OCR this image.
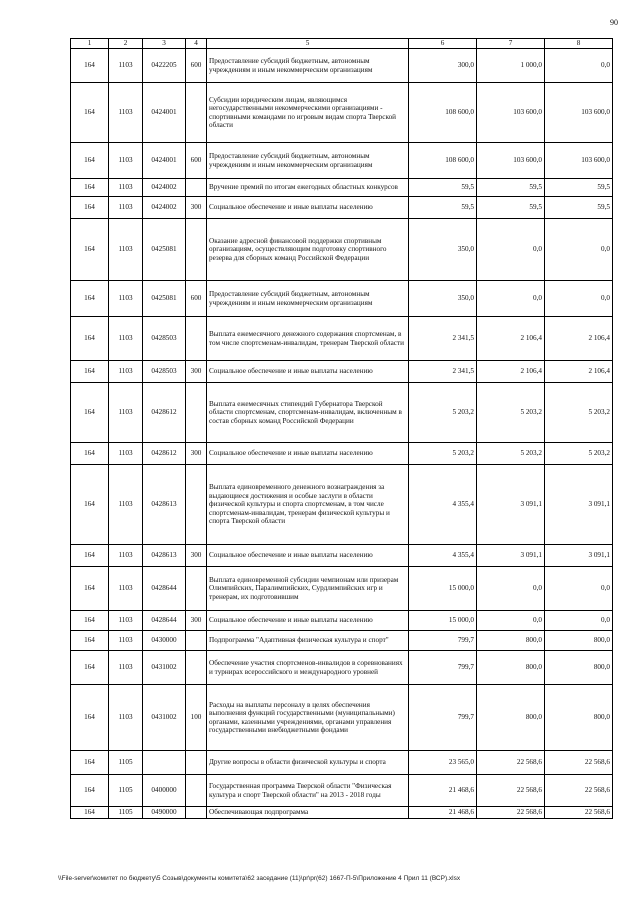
90
1	2	3	4	5	6	7	8
164	1103	0422205	600	Предоставление субсидий бюджетным, автономным учреждениям и иным некоммерческим организациям	300,0	1 000,0	0,0
164	1103	0424001		Субсидии юридическим лицам, являющимся негосударственными некоммерческими организациями - спортивными командами по игровым видам спорта Тверской области	108 600,0	103 600,0	103 600,0
164	1103	0424001	600	Предоставление субсидий бюджетным, автономным учреждениям и иным некоммерческим организациям	108 600,0	103 600,0	103 600,0
164	1103	0424002		Вручение премий по итогам ежегодных областных конкурсов	59,5	59,5	59,5
164	1103	0424002	300	Социальное обеспечение и иные выплаты населению	59,5	59,5	59,5
164	1103	0425081		Оказание адресной финансовой поддержки спортивным организациям, осуществляющим подготовку спортивного резерва для сборных команд Российской Федерации	350,0	0,0	0,0
164	1103	0425081	600	Предоставление субсидий бюджетным, автономным учреждениям и иным некоммерческим организациям	350,0	0,0	0,0
164	1103	0428503		Выплата ежемесячного денежного содержания спортсменам, в том числе спортсменам-инвалидам, тренерам Тверской области	2 341,5	2 106,4	2 106,4
164	1103	0428503	300	Социальное обеспечение и иные выплаты населению	2 341,5	2 106,4	2 106,4
164	1103	0428612		Выплата ежемесячных стипендий Губернатора Тверской области спортсменам, спортсменам-инвалидам, включенным в состав сборных команд Российской Федерации	5 203,2	5 203,2	5 203,2
164	1103	0428612	300	Социальное обеспечение и иные выплаты населению	5 203,2	5 203,2	5 203,2
164	1103	0428613		Выплата единовременного денежного вознаграждения за выдающиеся достижения и особые заслуги в области физической культуры и спорта спортсменам, в том числе спортсменам-инвалидам, тренерам физической культуры и спорта Тверской области	4 355,4	3 091,1	3 091,1
164	1103	0428613	300	Социальное обеспечение и иные выплаты населению	4 355,4	3 091,1	3 091,1
164	1103	0428644		Выплата единовременной субсидии чемпионам или призерам Олимпийских, Паралимпийских, Сурдлимпийских игр и тренерам, их подготовившим	15 000,0	0,0	0,0
164	1103	0428644	300	Социальное обеспечение и иные выплаты населению	15 000,0	0,0	0,0
164	1103	0430000		Подпрограмма "Адаптивная физическая культура и спорт"	799,7	800,0	800,0
164	1103	0431002		Обеспечение участия спортсменов-инвалидов в соревнованиях и турнирах всероссийского и международного уровней	799,7	800,0	800,0
164	1103	0431002	100	Расходы на выплаты персоналу в целях обеспечения выполнения функций государственными (муниципальными) органами, казенными учреждениями, органами управления государственными внебюджетными фондами	799,7	800,0	800,0
164	1105			Другие вопросы в области физической культуры и спорта	23 565,0	22 568,6	22 568,6
164	1105	0400000		Государственная программа Тверской области "Физическая культура и спорт Тверской области" на 2013 - 2018 годы	21 468,6	22 568,6	22 568,6
164	1105	0490000		Обеспечивающая подпрограмма	21 468,6	22 568,6	22 568,6
\\File-server\комитет по бюджету\5 Созыв\документы комитета\62 заседание (11)\pr\pr(62) 1667-П-5\Приложение 4 Прил 11 (ВСР).xlsx
